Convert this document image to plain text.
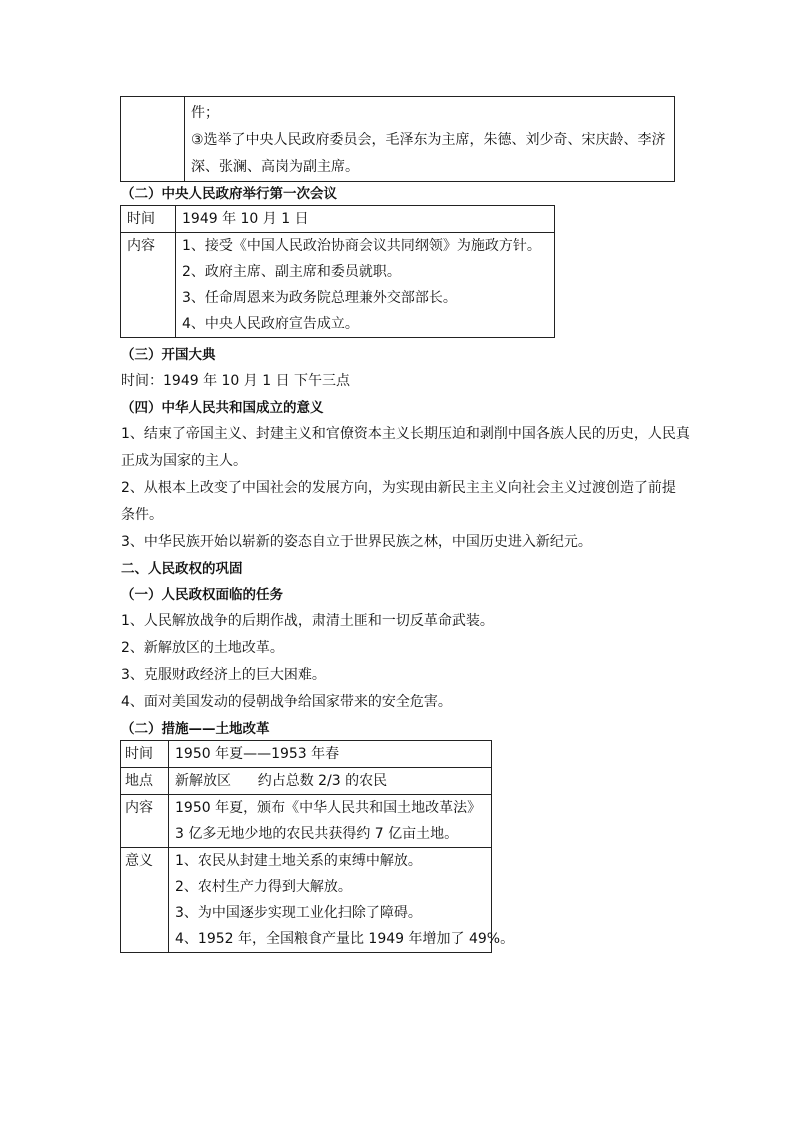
件；
③选举了中央人民政府委员会，毛泽东为主席，朱德、刘少奇、宋庆龄、李济
深、张澜、高岗为副主席。
（二）中央人民政府举行第一次会议
时间	1949 年 10 月 1 日

内容	1、接受《中国人民政治协商会议共同纲领》为施政方针。
2、政府主席、副主席和委员就职。
3、任命周恩来为政务院总理兼外交部部长。
4、中央人民政府宣告成立。
（三）开国大典
时间：1949 年 10 月 1 日 下午三点
（四）中华人民共和国成立的意义
1、结束了帝国主义、封建主义和官僚资本主义长期压迫和剥削中国各族人民的历史，人民真
正成为国家的主人。
2、从根本上改变了中国社会的发展方向，为实现由新民主主义向社会主义过渡创造了前提
条件。
3、中华民族开始以崭新的姿态自立于世界民族之林，中国历史进入新纪元。
二、人民政权的巩固
（一）人民政权面临的任务
1、人民解放战争的后期作战，肃清土匪和一切反革命武装。
2、新解放区的土地改革。
3、克服财政经济上的巨大困难。
4、面对美国发动的侵朝战争给国家带来的安全危害。
（二）措施——土地改革
时间	1950 年夏——1953 年春

地点	新解放区      约占总数 2/3 的农民

内容	1950 年夏，颁布《中华人民共和国土地改革法》
3 亿多无地少地的农民共获得约 7 亿亩土地。

意义	1、农民从封建土地关系的束缚中解放。
2、农村生产力得到大解放。
3、为中国逐步实现工业化扫除了障碍。
4、1952 年，全国粮食产量比 1949 年增加了 49%。
